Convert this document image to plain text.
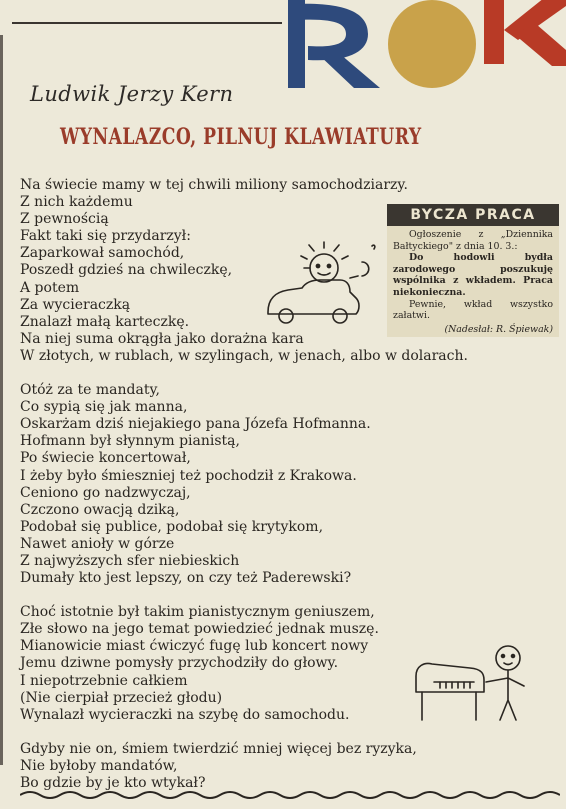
Ludwik Jerzy Kern
WYNALAZCO, PILNUJ KLAWIATURY
Na świecie mamy w tej chwili miliony samochodziarzy.
Z nich każdemu
Z pewnością
Fakt taki się przydarzył:
Zaparkował samochód,
Poszedł gdzieś na chwileczkę,
A potem
Za wycieraczką
Znalazł małą karteczkę.
Na niej suma okrągła jako dorażna kara
W złotych, w rublach, w szylingach, w jenach, albo w dolarach.
Otóż za te mandaty,
Co sypią się jak manna,
Oskarżam dziś niejakiego pana Józefa Hofmanna.
Hofmann był słynnym pianistą,
Po świecie koncertował,
I żeby było śmieszniej też pochodził z Krakowa.
Ceniono go nadzwyczaj,
Czczono owacją dziką,
Podobał się publice, podobał się krytykom,
Nawet anioły w górze
Z najwyższych sfer niebieskich
Dumały kto jest lepszy, on czy też Paderewski?
Choć istotnie był takim pianistycznym geniuszem,
Złe słowo na jego temat powiedzieć jednak muszę.
Mianowicie miast ćwiczyć fugę lub koncert nowy
Jemu dziwne pomysły przychodziły do głowy.
I niepotrzebnie całkiem
(Nie cierpiał przecież głodu)
Wynalazł wycieraczki na szybę do samochodu.
Gdyby nie on, śmiem twierdzić mniej więcej bez ryzyka,
Nie byłoby mandatów,
Bo gdzie by je kto wtykał?
BYCZA PRACA

Ogłoszenie z „Dziennika Bałtyckiego" z dnia 10. 3.:

Do hodowli bydła zarodowego poszukuję wspólnika z wkładem. Praca niekonieczna.

Pewnie, wkład wszystko załatwi.

(Nadesłał: R. Śpiewak)
